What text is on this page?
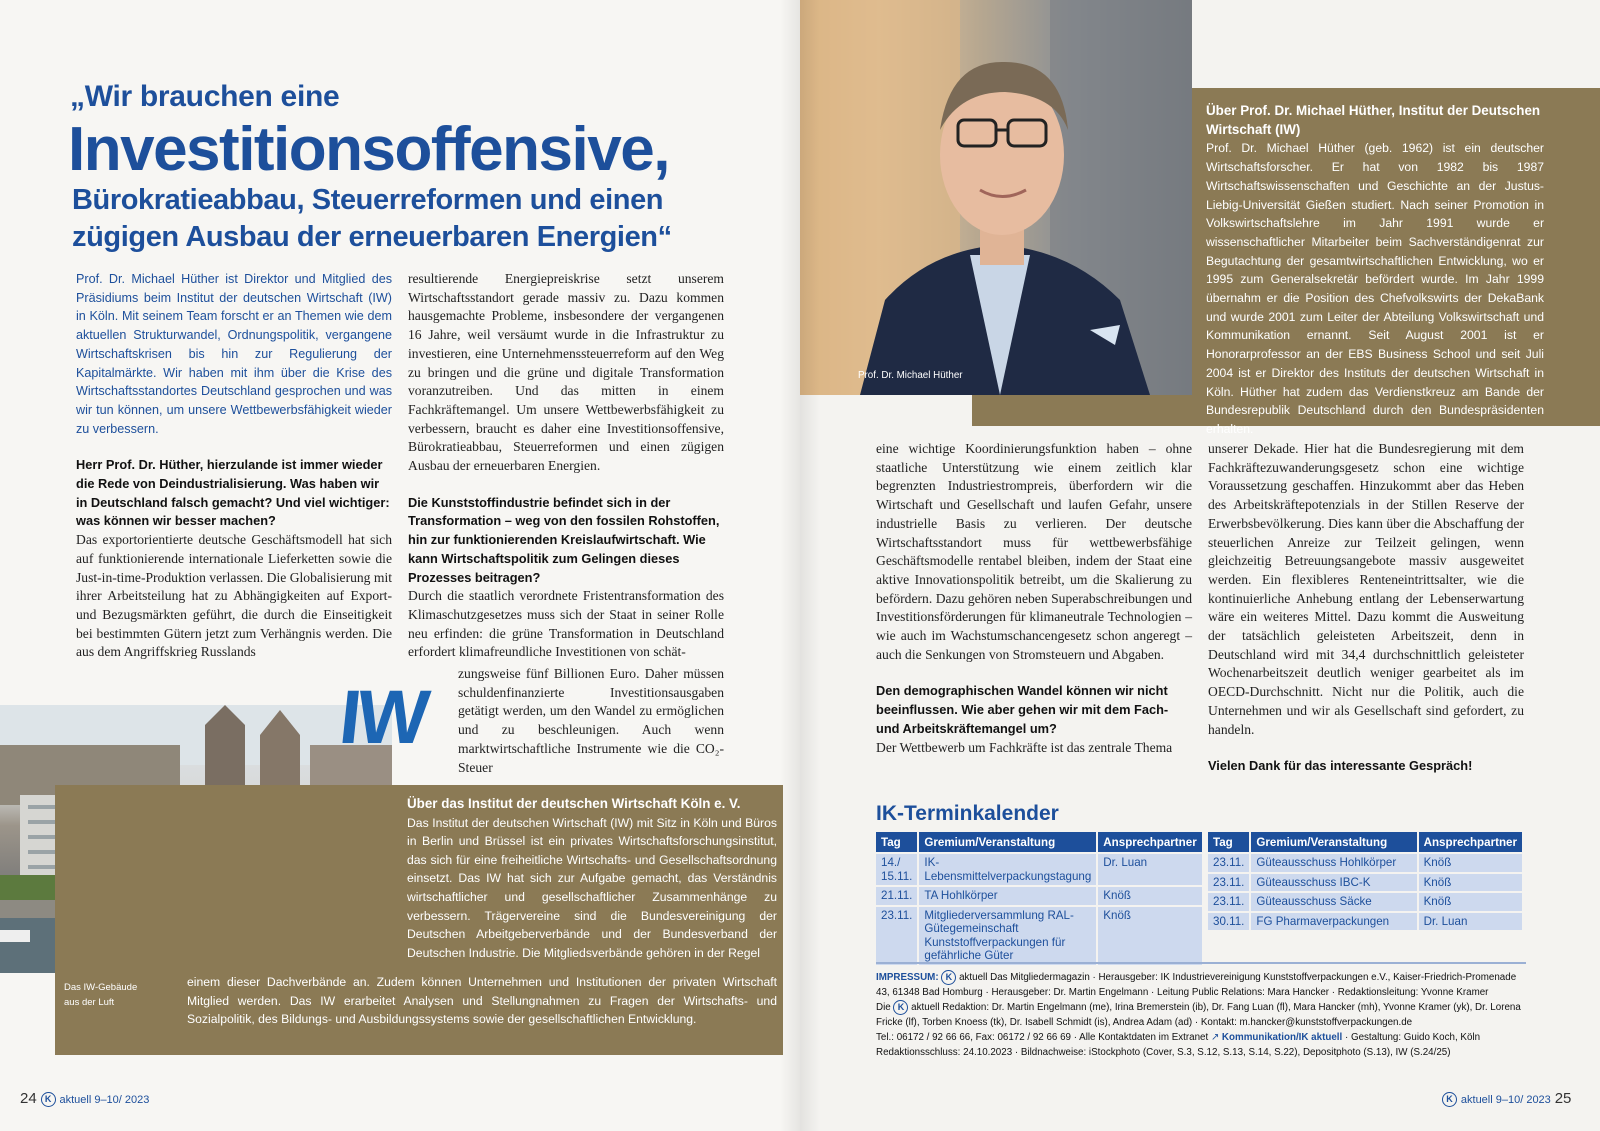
„Wir brauchen eine
Investitionsoffensive,
Bürokratieabbau, Steuerreformen und einen zügigen Ausbau der erneuerbaren Energien“

Prof. Dr. Michael Hüther ist Direktor und Mitglied des Präsidiums beim Institut der deutschen Wirtschaft (IW) in Köln. Mit seinem Team forscht er an Themen wie dem aktuellen Strukturwandel, Ordnungspolitik, vergangene Wirtschaftskrisen bis hin zur Regulierung der Kapitalmärkte. Wir haben mit ihm über die Krise des Wirtschaftsstandortes Deutschland gesprochen und was wir tun können, um unsere Wettbewerbsfähigkeit wieder zu verbessern.

Herr Prof. Dr. Hüther, hierzulande ist immer wieder die Rede von Deindustrialisierung. Was haben wir in Deutschland falsch gemacht? Und viel wichtiger: was können wir besser machen?

Das exportorientierte deutsche Geschäftsmodell hat sich auf funktionierende internationale Lieferketten sowie die Just-in-time-Produktion verlassen. Die Globalisierung mit ihrer Arbeitsteilung hat zu Abhängigkeiten auf Export- und Bezugsmärkten geführt, die durch die Einseitigkeit bei bestimmten Gütern jetzt zum Verhängnis werden. Die aus dem Angriffskrieg Russlands

resultierende Energiepreiskrise setzt unserem Wirtschaftsstandort gerade massiv zu. Dazu kommen hausgemachte Probleme, insbesondere der vergangenen 16 Jahre, weil versäumt wurde in die Infrastruktur zu investieren, eine Unternehmenssteuerreform auf den Weg zu bringen und die grüne und digitale Transformation voranzutreiben. Und das mitten in einem Fachkräftemangel. Um unsere Wettbewerbsfähigkeit zu verbessern, braucht es daher eine Investitionsoffensive, Bürokratieabbau, Steuerreformen und einen zügigen Ausbau der erneuerbaren Energien.

Die Kunststoffindustrie befindet sich in der Transformation – weg von den fossilen Rohstoffen, hin zur funktionierenden Kreislaufwirtschaft. Wie kann Wirtschaftspolitik zum Gelingen dieses Prozesses beitragen?

Durch die staatlich verordnete Fristentransformation des Klimaschutzgesetzes muss sich der Staat in seiner Rolle neu erfinden: die grüne Transformation in Deutschland erfordert klimafreundliche Investitionen von schät-

zungsweise fünf Billionen Euro. Daher müssen schuldenfinanzierte Investitionsausgaben getätigt werden, um den Wandel zu ermöglichen und zu beschleunigen. Auch wenn marktwirtschaftliche Instrumente wie die CO₂-Steuer

IW
Über das Institut der deutschen Wirtschaft Köln e. V.
Das Institut der deutschen Wirtschaft (IW) mit Sitz in Köln und Büros in Berlin und Brüssel ist ein privates Wirtschaftsforschungsinstitut, das sich für eine freiheitliche Wirtschafts- und Gesellschaftsordnung einsetzt. Das IW hat sich zur Aufgabe gemacht, das Verständnis wirtschaftlicher und gesellschaftlicher Zusammenhänge zu verbessern. Trägervereine sind die Bundesvereinigung der Deutschen Arbeitgeberverbände und der Bundesverband der Deutschen Industrie. Die Mitgliedsverbände gehören in der Regel
einem dieser Dachverbände an. Zudem können Unternehmen und Institutionen der privaten Wirtschaft Mitglied werden. Das IW erarbeitet Analysen und Stellungnahmen zu Fragen der Wirtschafts- und Sozialpolitik, des Bildungs- und Ausbildungssystems sowie der gesellschaftlichen Entwicklung.
Das IW-Gebäude
aus der Luft
Prof. Dr. Michael Hüther
Über Prof. Dr. Michael Hüther, Institut der Deutschen Wirtschaft (IW)
Prof. Dr. Michael Hüther (geb. 1962) ist ein deutscher Wirtschaftsforscher. Er hat von 1982 bis 1987 Wirtschaftswissenschaften und Geschichte an der Justus-Liebig-Universität Gießen studiert. Nach seiner Promotion in Volkswirtschaftslehre im Jahr 1991 wurde er wissenschaftlicher Mitarbeiter beim Sachverständigenrat zur Begutachtung der gesamtwirtschaftlichen Entwicklung, wo er 1995 zum Generalsekretär befördert wurde. Im Jahr 1999 übernahm er die Position des Chefvolkswirts der DekaBank und wurde 2001 zum Leiter der Abteilung Volkswirtschaft und Kommunikation ernannt. Seit August 2001 ist er Honorarprofessor an der EBS Business School und seit Juli 2004 ist er Direktor des Instituts der deutschen Wirtschaft in Köln. Hüther hat zudem das Verdienstkreuz am Bande der Bundesrepublik Deutschland durch den Bundespräsidenten erhalten.

eine wichtige Koordinierungsfunktion haben – ohne staatliche Unterstützung wie einem zeitlich klar begrenzten Industriestrompreis, überfordern wir die Wirtschaft und Gesellschaft und laufen Gefahr, unsere industrielle Basis zu verlieren. Der deutsche Wirtschaftsstandort muss für wettbewerbsfähige Geschäftsmodelle rentabel bleiben, indem der Staat eine aktive Innovationspolitik betreibt, um die Skalierung zu befördern. Dazu gehören neben Superabschreibungen und Investitionsförderungen für klimaneutrale Technologien – wie auch im Wachstumschancengesetz schon angeregt – auch die Senkungen von Stromsteuern und Abgaben.

Den demographischen Wandel können wir nicht beeinflussen. Wie aber gehen wir mit dem Fach- und Arbeitskräftemangel um?

Der Wettbewerb um Fachkräfte ist das zentrale Thema

unserer Dekade. Hier hat die Bundesregierung mit dem Fachkräftezuwanderungsgesetz schon eine wichtige Voraussetzung geschaffen. Hinzukommt aber das Heben des Arbeitskräftepotenzials in der Stillen Reserve der Erwerbsbevölkerung. Dies kann über die Abschaffung der steuerlichen Anreize zur Teilzeit gelingen, wenn gleichzeitig Betreuungsangebote massiv ausgeweitet werden. Ein flexibleres Renteneintrittsalter, wie die kontinuierliche Anhebung entlang der Lebenserwartung wäre ein weiteres Mittel. Dazu kommt die Ausweitung der tatsächlich geleisteten Arbeitszeit, denn in Deutschland wird mit 34,4 durchschnittlich geleisteter Wochenarbeitszeit deutlich weniger gearbeitet als im OECD-Durchschnitt. Nicht nur die Politik, auch die Unternehmen und wir als Gesellschaft sind gefordert, zu handeln.

Vielen Dank für das interessante Gespräch!

IK-Terminkalender
Tag	Gremium/Veranstaltung	Ansprechpartner
14./ 15.11.	IK-Lebensmittelverpackungstagung	Dr. Luan
21.11.	TA Hohlkörper	Knöß
23.11.	Mitgliederversammlung RAL-Gütegemeinschaft Kunststoffverpackungen für gefährliche Güter	Knöß
Tag	Gremium/Veranstaltung	Ansprechpartner
23.11.	Güteausschuss Hohlkörper	Knöß
23.11.	Güteausschuss IBC-K	Knöß
23.11.	Güteausschuss Säcke	Knöß
30.11.	FG Pharmaverpackungen	Dr. Luan
IMPRESSUM: K aktuell Das Mitgliedermagazin · Herausgeber: IK Industrievereinigung Kunststoffverpackungen e.V., Kaiser-Friedrich-Promenade 43, 61348 Bad Homburg · Herausgeber: Dr. Martin Engelmann · Leitung Public Relations: Mara Hancker · Redaktionsleitung: Yvonne Kramer
Die K aktuell Redaktion: Dr. Martin Engelmann (me), Irina Bremerstein (ib), Dr. Fang Luan (fl), Mara Hancker (mh), Yvonne Kramer (yk), Dr. Lorena Fricke (lf), Torben Knoess (tk), Dr. Isabell Schmidt (is), Andrea Adam (ad) · Kontakt: m.hancker@kunststoffverpackungen.de
Tel.: 06172 / 92 66 66, Fax: 06172 / 92 66 69 · Alle Kontaktdaten im Extranet ↗ Kommunikation/IK aktuell · Gestaltung: Guido Koch, Köln
Redaktionsschluss: 24.10.2023 · Bildnachweise: iStockphoto (Cover, S.3, S.12, S.13, S.14, S.22), Depositphoto (S.13), IW (S.24/25)
24 K aktuell 9–10/ 2023	K aktuell 9–10/ 2023 25
